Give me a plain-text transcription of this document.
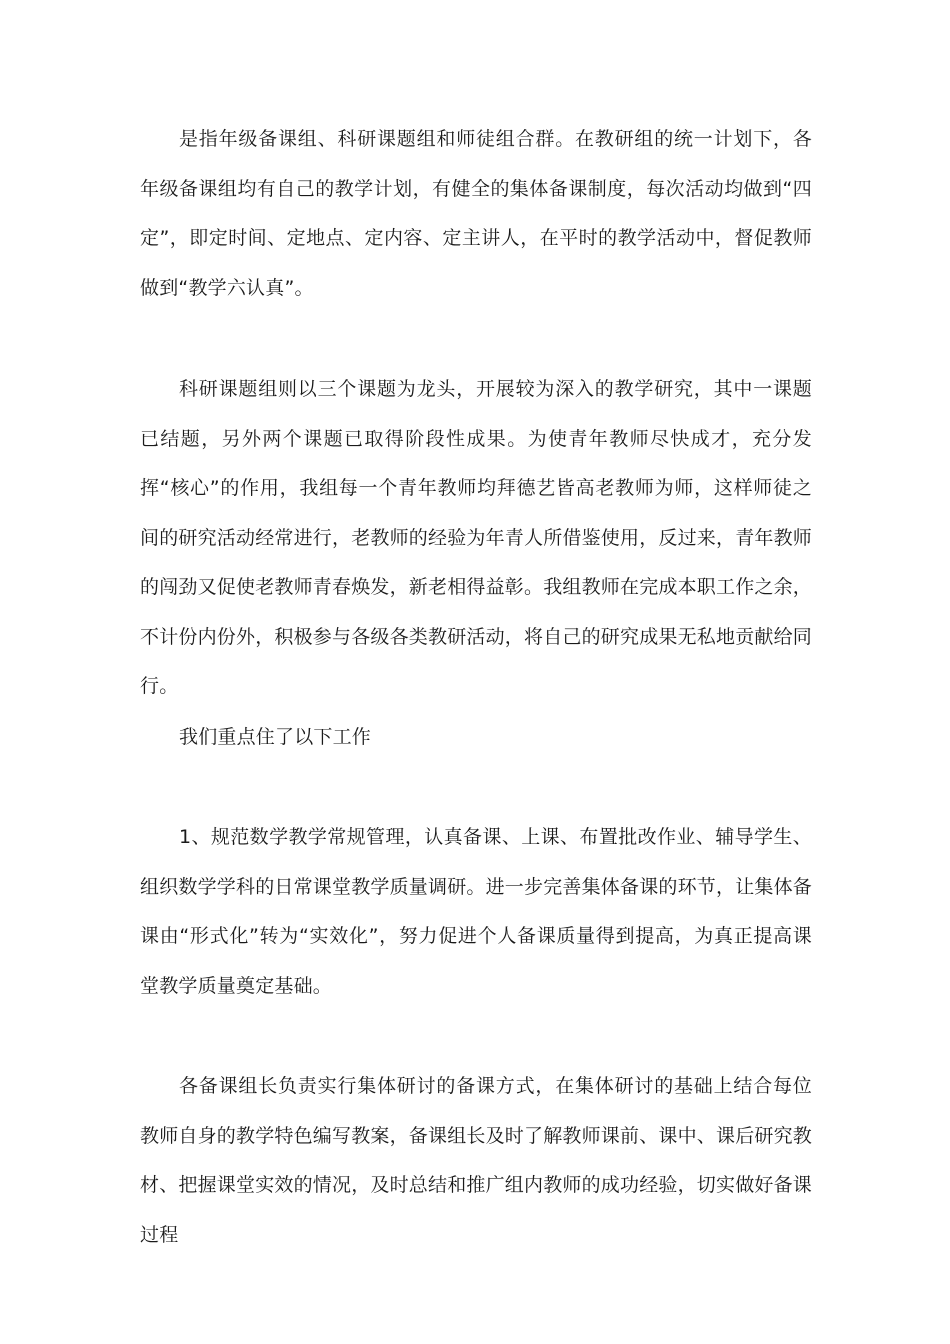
是指年级备课组、科研课题组和师徒组合群。在教研组的统一计划下，各年级备课组均有自己的教学计划，有健全的集体备课制度，每次活动均做到“四定”，即定时间、定地点、定内容、定主讲人，在平时的教学活动中，督促教师做到“教学六认真”。

科研课题组则以三个课题为龙头，开展较为深入的教学研究，其中一课题已结题，另外两个课题已取得阶段性成果。为使青年教师尽快成才，充分发挥“核心”的作用，我组每一个青年教师均拜德艺皆高老教师为师，这样师徒之间的研究活动经常进行，老教师的经验为年青人所借鉴使用，反过来，青年教师的闯劲又促使老教师青春焕发，新老相得益彰。我组教师在完成本职工作之余，不计份内份外，积极参与各级各类教研活动，将自己的研究成果无私地贡献给同行。

我们重点住了以下工作

1、规范数学教学常规管理，认真备课、上课、布置批改作业、辅导学生、组织数学学科的日常课堂教学质量调研。进一步完善集体备课的环节，让集体备课由“形式化”转为“实效化”，努力促进个人备课质量得到提高，为真正提高课堂教学质量奠定基础。

各备课组长负责实行集体研讨的备课方式，在集体研讨的基础上结合每位教师自身的教学特色编写教案，备课组长及时了解教师课前、课中、课后研究教材、把握课堂实效的情况，及时总结和推广组内教师的成功经验，切实做好备课过程
